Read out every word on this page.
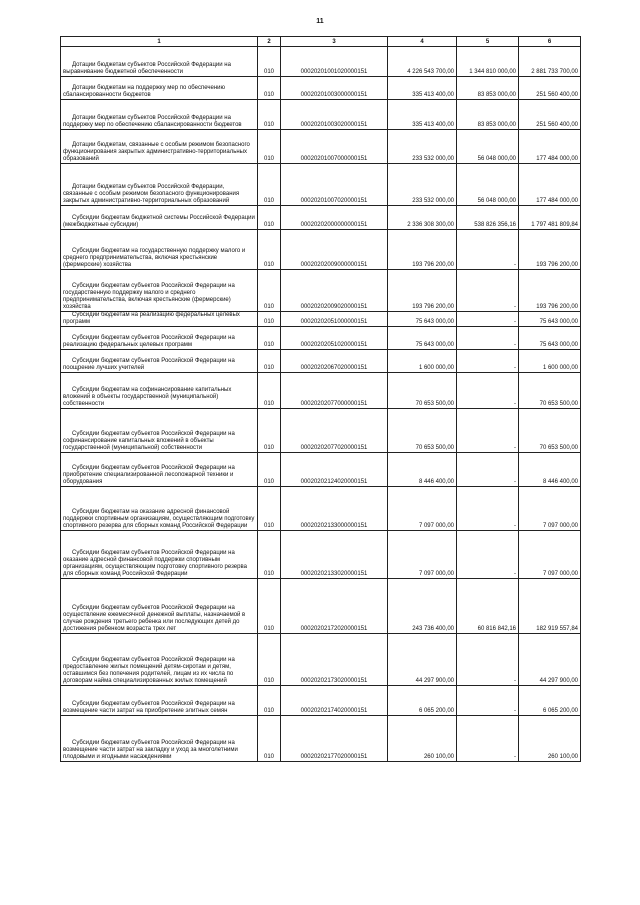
11
1	2	3	4	5	6

Дотации бюджетам субъектов Российской Федерации на выравнивание бюджетной обеспеченности	010	00020201001020000151	4 226 543 700,00	1 344 810 000,00	2 881 733 700,00

Дотации бюджетам на поддержку мер по обеспечению сбалансированности бюджетов	010	00020201003000000151	335 413 400,00	83 853 000,00	251 560 400,00

Дотации бюджетам субъектов Российской Федерации на поддержку мер по обеспечению сбалансированности бюджетов	010	00020201003020000151	335 413 400,00	83 853 000,00	251 560 400,00

Дотации бюджетам, связанные с особым режимом безопасного функционирования закрытых административно-территориальных образований	010	00020201007000000151	233 532 000,00	56 048 000,00	177 484 000,00

Дотации бюджетам субъектов Российской Федерации, связанные с особым режимом безопасного функционирования закрытых административно-территориальных образований	010	00020201007020000151	233 532 000,00	56 048 000,00	177 484 000,00

Субсидии бюджетам бюджетной системы Российской Федерации (межбюджетные субсидии)	010	00020202000000000151	2 336 308 300,00	538 826 356,16	1 797 481 809,84

Субсидии бюджетам на государственную поддержку малого и среднего предпринимательства, включая крестьянские (фермерские) хозяйства	010	00020202009000000151	193 796 200,00	-	193 796 200,00

Субсидии бюджетам субъектов Российской Федерации на государственную поддержку малого и среднего предпринимательства, включая крестьянские (фермерские) хозяйства	010	00020202009020000151	193 796 200,00	-	193 796 200,00

Субсидии бюджетам на реализацию федеральных целевых программ	010	00020202051000000151	75 643 000,00	-	75 643 000,00

Субсидии бюджетам субъектов Российской Федерации на реализацию федеральных целевых программ	010	00020202051020000151	75 643 000,00	-	75 643 000,00

Субсидии бюджетам субъектов Российской Федерации на поощрение лучших учителей	010	00020202067020000151	1 600 000,00	-	1 600 000,00

Субсидии бюджетам на софинансирование капитальных вложений в объекты государственной (муниципальной) собственности	010	00020202077000000151	70 653 500,00	-	70 653 500,00

Субсидии бюджетам субъектов Российской Федерации на софинансирование капитальных вложений в объекты государственной (муниципальной) собственности	010	00020202077020000151	70 653 500,00	-	70 653 500,00

Субсидии бюджетам субъектов Российской Федерации на приобретение специализированной лесопожарной техники и оборудования	010	00020202124020000151	8 446 400,00	-	8 446 400,00

Субсидии бюджетам на оказание адресной финансовой поддержки спортивным организациям, осуществляющим подготовку спортивного резерва для сборных команд Российской Федерации	010	00020202133000000151	7 097 000,00	-	7 097 000,00

Субсидии бюджетам субъектов Российской Федерации на оказание адресной финансовой поддержки спортивным организациям, осуществляющим подготовку спортивного резерва для сборных команд Российской Федерации	010	00020202133020000151	7 097 000,00	-	7 097 000,00

Субсидии бюджетам субъектов Российской Федерации на осуществление ежемесячной денежной выплаты, назначаемой в случае рождения третьего ребенка или последующих детей до достижения ребенком возраста трех лет	010	00020202172020000151	243 736 400,00	60 816 842,16	182 919 557,84

Субсидии бюджетам субъектов Российской Федерации на предоставление жилых помещений детям-сиротам и детям, оставшимся без попечения родителей, лицам из их числа по договорам найма специализированных жилых помещений	010	00020202173020000151	44 297 900,00	-	44 297 900,00

Субсидии бюджетам субъектов Российской Федерации на возмещение части затрат на приобретение элитных семян	010	00020202174020000151	6 065 200,00	-	6 065 200,00

Субсидии бюджетам субъектов Российской Федерации на возмещение части затрат на закладку и уход за многолетними плодовыми и ягодными насаждениями	010	00020202177020000151	260 100,00	-	260 100,00
